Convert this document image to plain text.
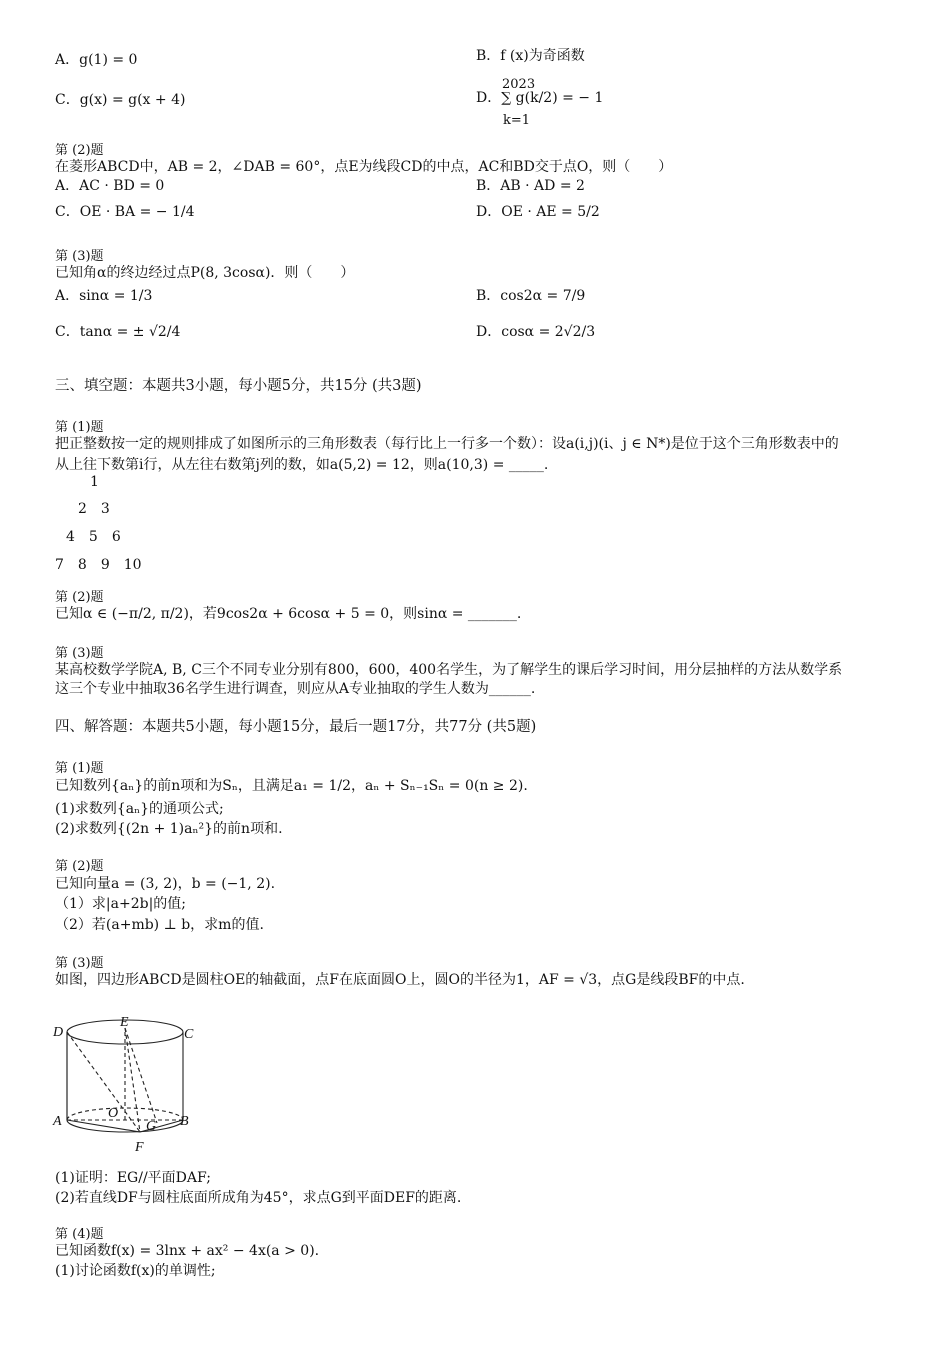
A．g(1) = 0	B．f (x)为奇函数
C．g(x) = g(x + 4)
2023
D．∑ g(k/2) = − 1
k=1
第 (2)题
在菱形ABCD中，AB = 2，∠DAB = 60°，点E为线段CD的中点，AC和BD交于点O，则（　　）
A．AC · BD = 0	B．AB · AD = 2
C．OE · BA = − 1/4	D．OE · AE = 5/2
第 (3)题
已知角α的终边经过点P(8, 3cosα)．则（　　）
A．sinα = 1/3	B．cos2α = 7/9
C．tanα = ± √2/4	D．cosα = 2√2/3
三、填空题：本题共3小题，每小题5分，共15分 (共3题)
第 (1)题
把正整数按一定的规则排成了如图所示的三角形数表（每行比上一行多一个数）：设a(i,j)(i、j ∈ N*)是位于这个三角形数表中的
从上往下数第i行，从左往右数第j列的数，如a(5,2) = 12，则a(10,3) = _____.
1
2　3
4　5　6
7　8　9　10
第 (2)题
已知α ∈ (−π/2, π/2)，若9cos2α + 6cosα + 5 = 0，则sinα = _______.
第 (3)题
某高校数学学院A, B, C三个不同专业分别有800，600，400名学生，为了解学生的课后学习时间，用分层抽样的方法从数学系
这三个专业中抽取36名学生进行调查，则应从A专业抽取的学生人数为______.
四、解答题：本题共5小题，每小题15分，最后一题17分，共77分 (共5题)
第 (1)题
已知数列{aₙ}的前n项和为Sₙ，且满足a₁ = 1/2，aₙ + Sₙ₋₁Sₙ = 0(n ≥ 2).
(1)求数列{aₙ}的通项公式;
(2)求数列{(2n + 1)aₙ²}的前n项和.
第 (2)题
已知向量a = (3, 2)，b = (−1, 2).
（1）求|a+2b|的值;
（2）若(a+mb) ⊥ b，求m的值.
第 (3)题
如图，四边形ABCD是圆柱OE的轴截面，点F在底面圆O上，圆O的半径为1，AF = √3，点G是线段BF的中点.
D
E
C
A
O
G B
F
(1)证明：EG//平面DAF;
(2)若直线DF与圆柱底面所成角为45°，求点G到平面DEF的距离.
第 (4)题
已知函数f(x) = 3lnx + ax² − 4x(a > 0).
(1)讨论函数f(x)的单调性;
